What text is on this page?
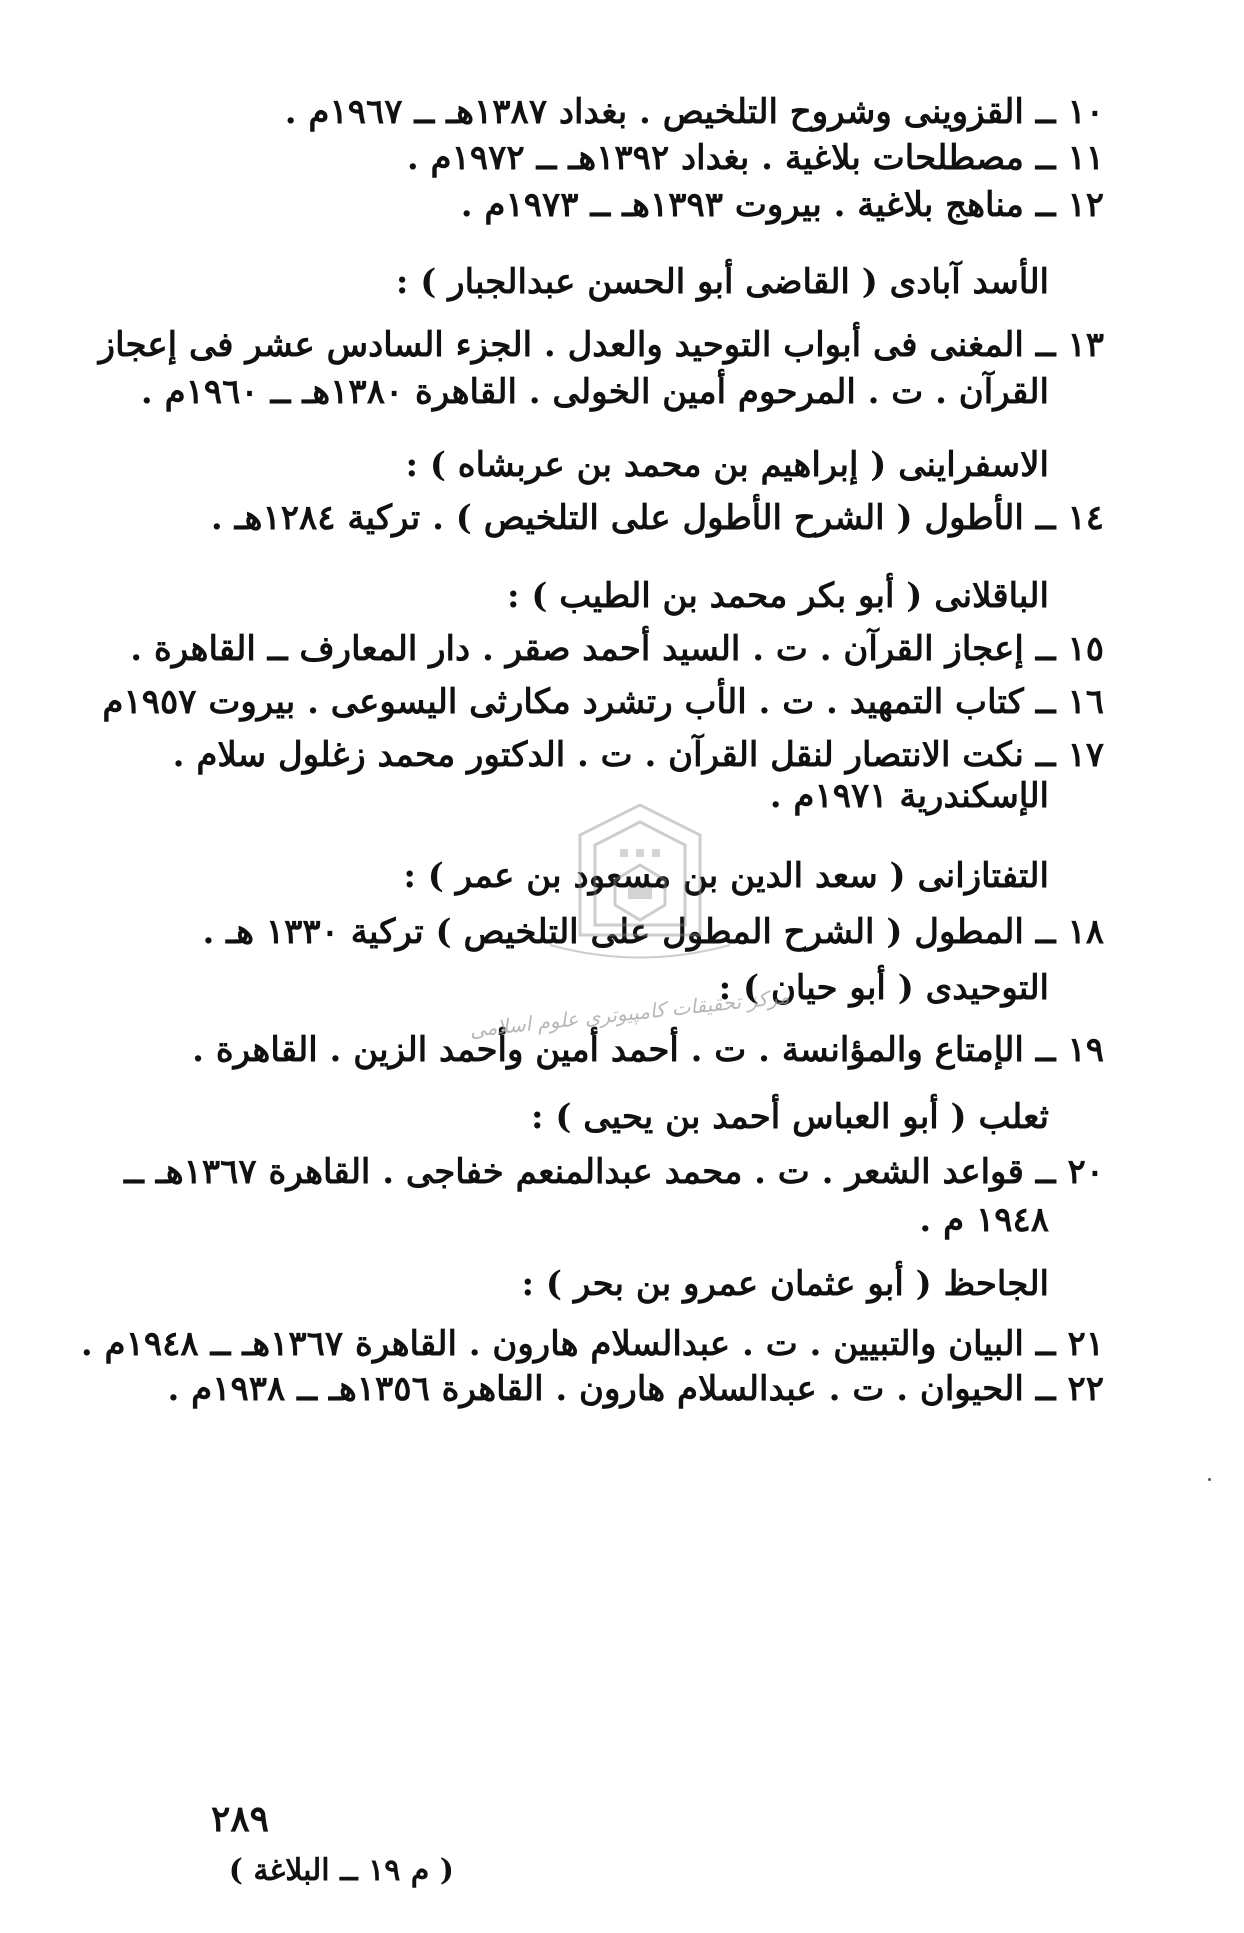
١٠ ــ القزوينى وشروح التلخيص . بغداد ١٣٨٧هـ ــ ١٩٦٧م .
١١ ــ مصطلحات بلاغية . بغداد ١٣٩٢هـ ــ ١٩٧٢م .
١٢ ــ مناهج بلاغية . بيروت ١٣٩٣هـ ــ ١٩٧٣م .
الأسد آبادى ( القاضى أبو الحسن عبدالجبار ) :
١٣ ــ المغنى فى أبواب التوحيد والعدل . الجزء السادس عشر فى إعجاز
القرآن . ت . المرحوم أمين الخولى . القاهرة ١٣٨٠هـ ــ ١٩٦٠م .
الاسفراينى ( إبراهيم بن محمد بن عربشاه ) :
١٤ ــ الأطول ( الشرح الأطول على التلخيص ) . تركية ١٢٨٤هـ .
الباقلانى ( أبو بكر محمد بن الطيب ) :
١٥ ــ إعجاز القرآن . ت . السيد أحمد صقر . دار المعارف ــ القاهرة .
١٦ ــ كتاب التمهيد . ت . الأب رتشرد مكارثى اليسوعى . بيروت ١٩٥٧م
١٧ ــ نكت الانتصار لنقل القرآن . ت . الدكتور محمد زغلول سلام .
الإسكندرية ١٩٧١م .
التفتازانى ( سعد الدين بن مسعود بن عمر ) :
١٨ ــ المطول ( الشرح المطول على التلخيص ) تركية ١٣٣٠ هـ .
التوحيدى ( أبو حيان ) :
١٩ ــ الإمتاع والمؤانسة . ت . أحمد أمين وأحمد الزين . القاهرة .
ثعلب ( أبو العباس أحمد بن يحيى ) :
٢٠ ــ قواعد الشعر . ت . محمد عبدالمنعم خفاجى . القاهرة ١٣٦٧هـ ــ
١٩٤٨ م .
الجاحظ ( أبو عثمان عمرو بن بحر ) :
٢١ ــ البيان والتبيين . ت . عبدالسلام هارون . القاهرة ١٣٦٧هـ ــ ١٩٤٨م .
٢٢ ــ الحيوان . ت . عبدالسلام هارون . القاهرة ١٣٥٦هـ ــ ١٩٣٨م .
٢٨٩
( م ١٩ ــ البلاغة )
مركز تحقيقات كامپيوترى علوم اسلامى
